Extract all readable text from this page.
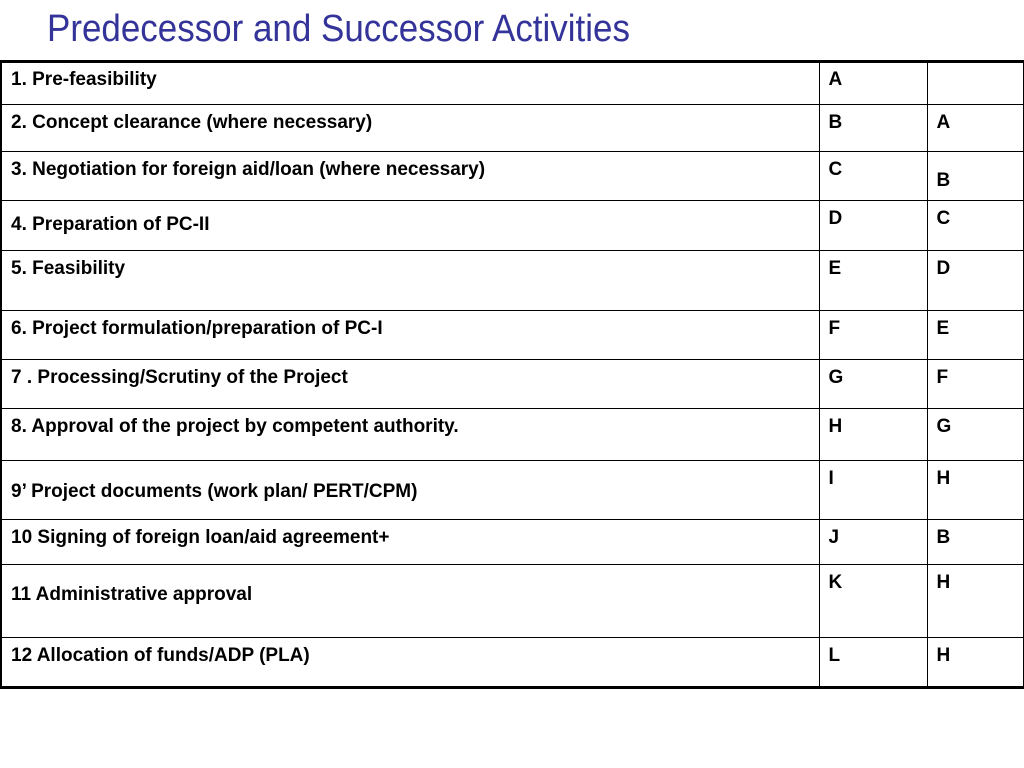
Predecessor and Successor Activities
1. Pre-feasibility	A	
2. Concept clearance (where necessary)	B	A
3. Negotiation for foreign aid/loan (where necessary)	C	B
4. Preparation of PC-II	D	C
5. Feasibility	E	D
6. Project formulation/preparation of PC-I	F	E
7 . Processing/Scrutiny of the Project	G	F
8. Approval of the project by competent authority.	H	G
9’ Project documents (work plan/ PERT/CPM)	I	H
10 Signing of foreign loan/aid agreement+	J	B
11 Administrative approval	K	H
12 Allocation of funds/ADP (PLA)	L	H
